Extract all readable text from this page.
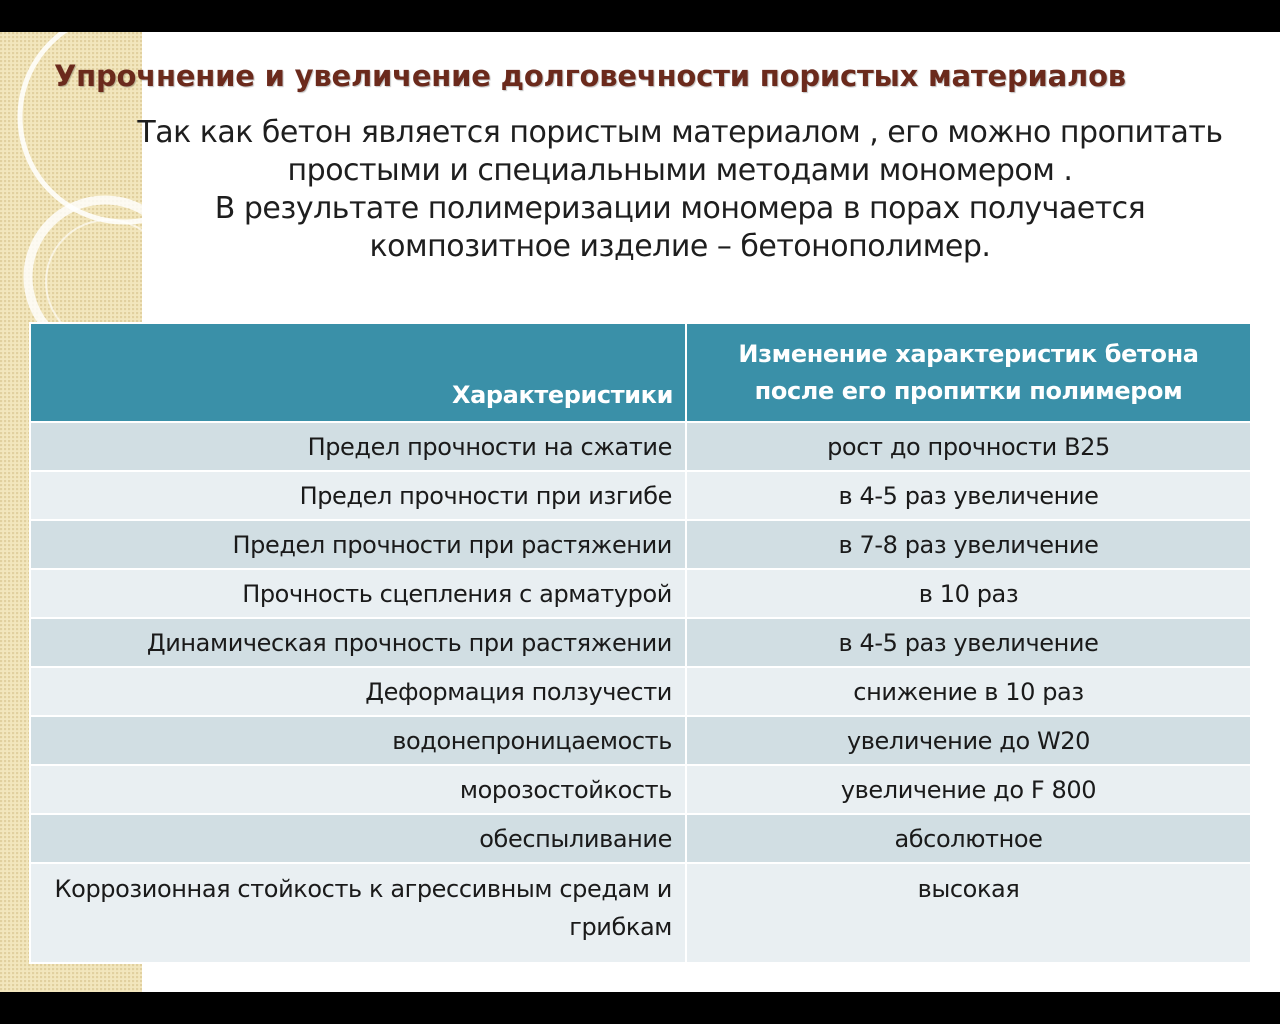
Упрочнение и увеличение долговечности пористых материалов
Так как бетон является пористым материалом , его можно пропитать
простыми и специальными методами мономером .
В результате полимеризации мономера в порах получается
композитное изделие – бетонополимер.
Характеристики	Изменение характеристик бетона после его пропитки полимером
Предел прочности на сжатие	рост до прочности В25
Предел прочности при изгибе	в 4-5 раз увеличение
Предел прочности при растяжении	в 7-8 раз увеличение
Прочность сцепления с арматурой	в 10 раз
Динамическая прочность при растяжении	в 4-5 раз увеличение
Деформация ползучести	снижение в 10 раз
водонепроницаемость	увеличение до W20
морозостойкость	увеличение до F 800
обеспыливание	абсолютное
Коррозионная стойкость к агрессивным средам и грибкам	высокая
